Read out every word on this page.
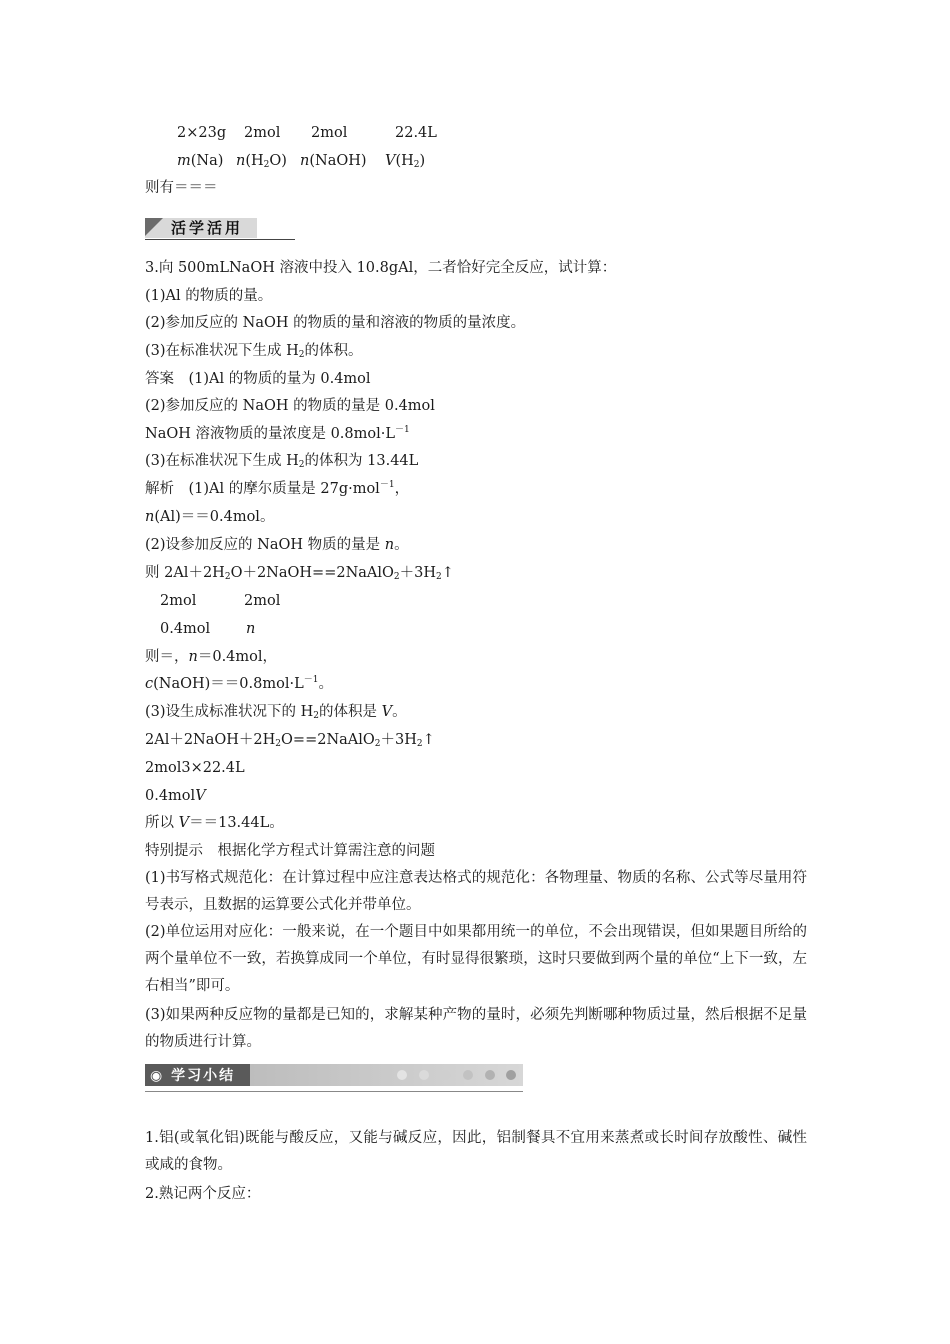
2×23g 2mol 2mol	22.4L
m(Na) $n(H_2O)$ n(NaOH) $V(H_2)$
则有＝＝＝
活学活用
3.向 500mLNaOH 溶液中投入 10.8gAl，二者恰好完全反应，试计算：
(1)Al 的物质的量。
(2)参加反应的 NaOH 的物质的量和溶液的物质的量浓度。
(3)在标准状况下生成 $H_2$的体积。
答案　(1)Al 的物质的量为 0.4mol
(2)参加反应的 NaOH 的物质的量是 0.4mol
NaOH 溶液物质的量浓度是 $0.8mol\cdot L^{-1}$
(3)在标准状况下生成 $H_2$的体积为 13.44L
解析　(1)Al 的摩尔质量是 27g·mol$^{-1}$，
n(Al)＝＝0.4mol。
(2)设参加反应的 NaOH 物质的量是 n。
则 $2Al+2H_2O+2NaOH==2NaAlO_2+3H_2↑$
2mol	2mol
0.4mol n
则＝，n＝0.4mol，
$c(NaOH)==0.8mol\cdot L^{-1}$。
(3)设生成标准状况下的 $H_2$的体积是 V。
$2Al+2NaOH+2H_2O==2NaAlO_2+3H_2↑$
2mol3×22.4L
0.4molV
所以 V＝＝13.44L。
特别提示　根据化学方程式计算需注意的问题
(1)书写格式规范化：在计算过程中应注意表达格式的规范化：各物理量、物质的名称、公式等尽量用符号表示，且数据的运算要公式化并带单位。
(2)单位运用对应化：一般来说，在一个题目中如果都用统一的单位，不会出现错误，但如果题目所给的两个量单位不一致，若换算成同一个单位，有时显得很繁琐，这时只要做到两个量的单位“上下一致，左右相当”即可。
(3)如果两种反应物的量都是已知的，求解某种产物的量时，必须先判断哪种物质过量，然后根据不足量的物质进行计算。
◉ 学习小结
1.铝(或氧化铝)既能与酸反应，又能与碱反应，因此，铝制餐具不宜用来蒸煮或长时间存放酸性、碱性或咸的食物。
2.熟记两个反应：
